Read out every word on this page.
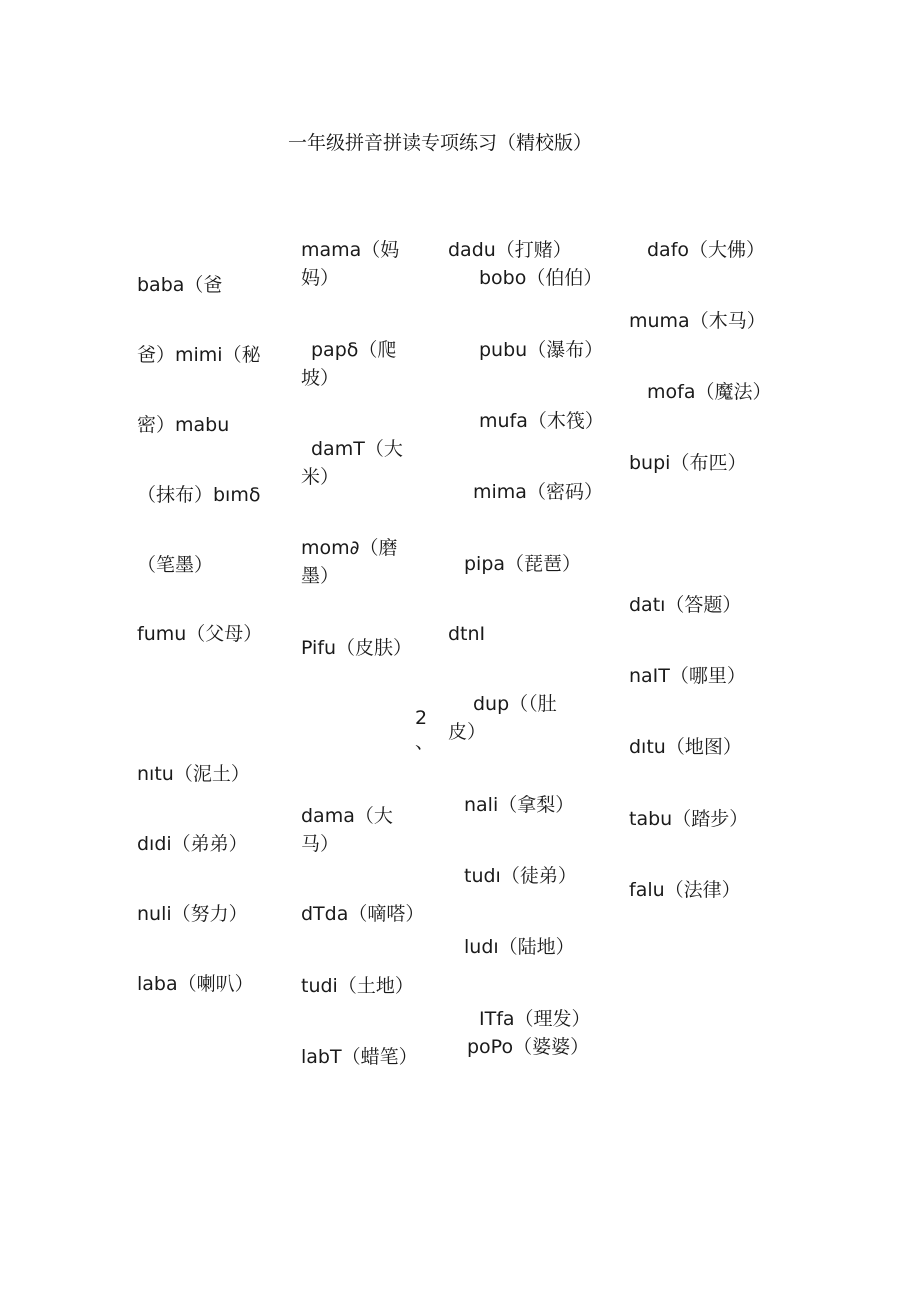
一年级拼音拼读专项练习（精校版）
baba（爸
爸）mimi（秘
密）mabu
（抹布）bımδ
（笔墨）
fumu（父母）
nıtu（泥土）
dıdi（弟弟）
nuli（努力）
laba（喇叭）
mama（妈
妈）
papδ（爬
坡）
damT（大
米）
mom∂（磨
墨）
Pifu（皮肤）
dama（大
马）
dTda（嘀嗒）
tudi（土地）
labT（蜡笔）
2
、
dadu（打赌）
bobo（伯伯）
pubu（瀑布）
mufa（木筏）
mima（密码）
pipa（琵琶）
dtnI
dup（（肚
皮）
nali（拿梨）
tudı（徒弟）
ludı（陆地）
ITfa（理发）
poPo（婆婆）
dafo（大佛）
muma（木马）
mofa（魔法）
bupi（布匹）
datı（答题）
naIT（哪里）
dıtu（地图）
tabu（踏步）
falu（法律）
